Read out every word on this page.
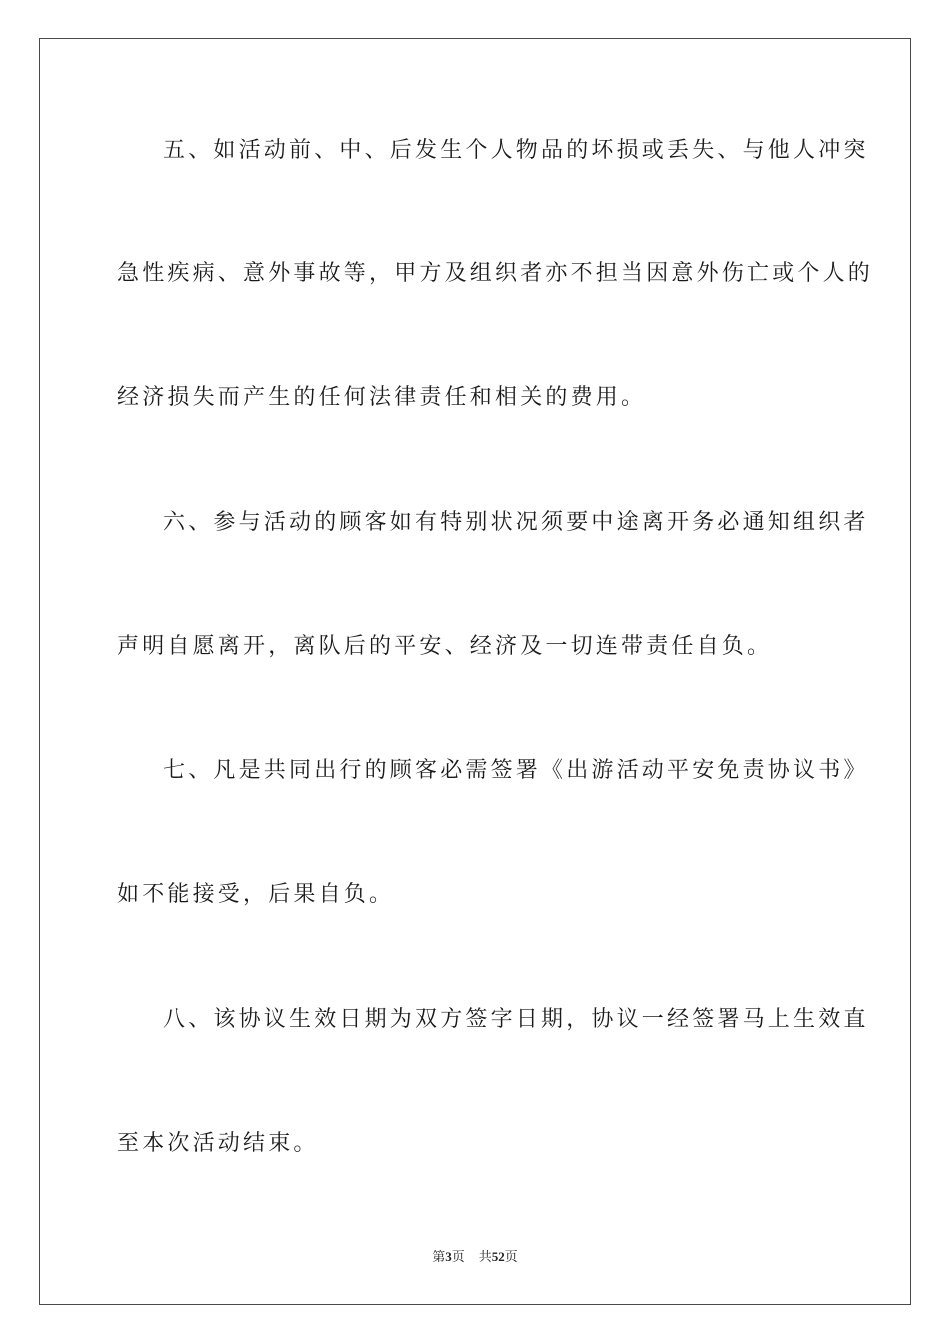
五、如活动前、中、后发生个人物品的坏损或丢失、与他人冲突
急性疾病、意外事故等，甲方及组织者亦不担当因意外伤亡或个人的
经济损失而产生的任何法律责任和相关的费用。
六、参与活动的顾客如有特别状况须要中途离开务必通知组织者
声明自愿离开，离队后的平安、经济及一切连带责任自负。
七、凡是共同出行的顾客必需签署《出游活动平安免责协议书》
如不能接受，后果自负。
八、该协议生效日期为双方签字日期，协议一经签署马上生效直
至本次活动结束。
第3页 共52页
